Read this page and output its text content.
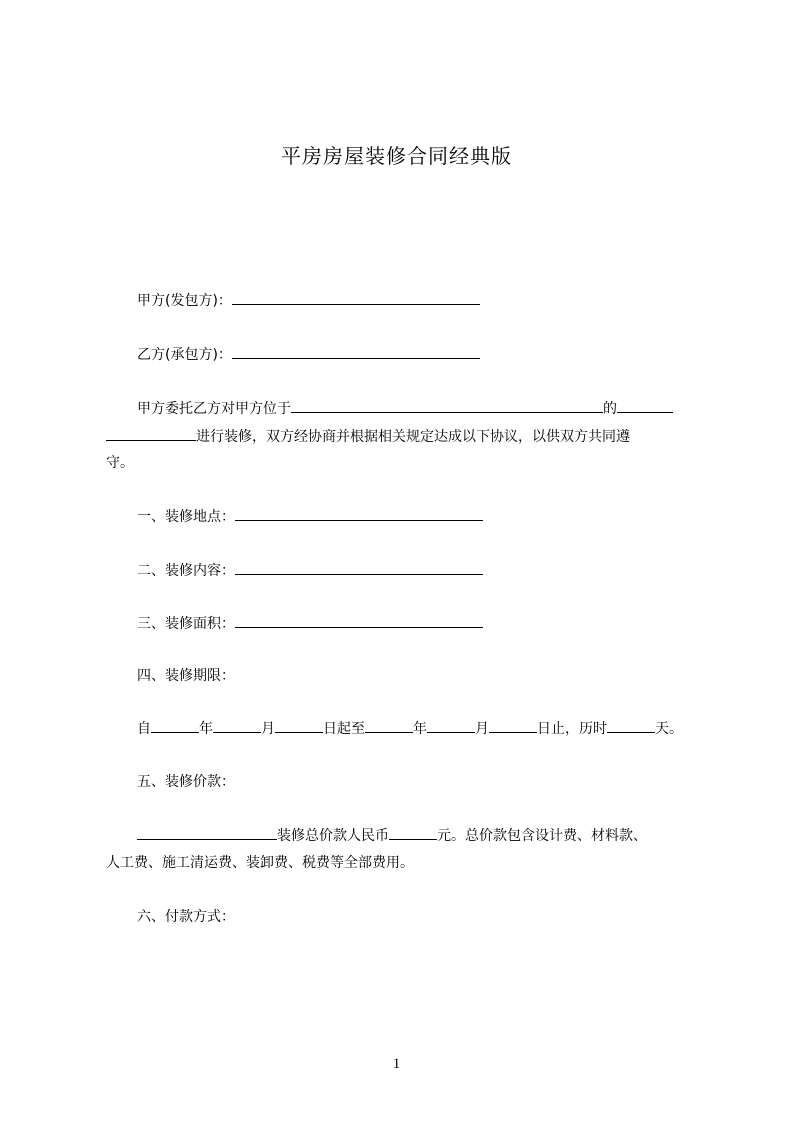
平房房屋装修合同经典版
甲方(发包方)：
乙方(承包方)：
甲方委托乙方对甲方位于	的
进行装修，双方经协商并根据相关规定达成以下协议，以供双方共同遵
守。
一、装修地点：
二、装修内容：
三、装修面积：
四、装修期限：
自	年	月	日起至	年	月	日止，历时	天。
五、装修价款：
装修总价款人民币	元。总价款包含设计费、材料款、
人工费、施工清运费、装卸费、税费等全部费用。
六、付款方式：
1
